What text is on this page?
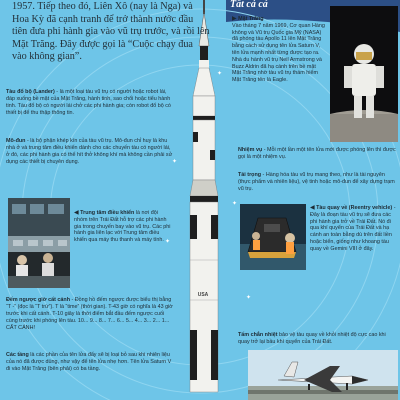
✦
✦
✦
✦
✦
USA

1957. Tiếp theo đó, Liên Xô (nay là Nga) và Hoa Kỳ đã cạnh tranh để trở thành nước đầu tiên đưa phi hành gia vào vũ trụ trước, và rồi lên Mặt Trăng. Đây được gọi là “Cuộc chạy đua vào không gian”.

Tất cả cá

Tàu đổ bộ (Lander) - là một loại tàu vũ trụ có người hoặc robot lái, đáp xuống bề mặt của Mặt Trăng, hành tinh, sao chổi hoặc tiểu hành tinh. Tàu đổ bộ có người lái chở các phi hành gia; còn robot đổ bộ có thiết bị để thu thập thông tin.

Mô-đun - là bộ phận khép kín của tàu vũ trụ. Mô-đun chỉ huy là khu nhà ở và trung tâm điều khiển dành cho các chuyến tàu có người lái, ở đó, các phi hành gia có thể hít thở không khí mà không cần phải sử dụng các thiết bị chuyên dụng.

◀ Trung tâm điều khiển là nơi đội nhóm trên Trái Đất hỗ trợ các phi hành gia trong chuyến bay vào vũ trụ. Các phi hành gia liên lạc với Trung tâm điều khiển qua máy thu thanh và máy tính.

Đếm ngược giờ cất cánh - Đồng hồ đếm ngược được biểu thị bằng “T -” (đọc là “T trừ”). T là “time” (thời gian). T-43 giờ có nghĩa là 43 giờ trước khi cất cánh. T-10 giây là thời điểm bắt đầu đếm ngược cuối cùng trước khi phóng lên tàu. 10... 9... 8... 7... 6... 5... 4... 3... 2... 1... CẤT CÁNH!

Các tầng là các phần của tên lửa đẩy sẽ bị loại bỏ sau khi nhiên liệu của nó đã được dùng, như vậy để tên lửa nhẹ hơn. Tên lửa Saturn V đi vào Mặt Trăng (bên phải) có ba tầng.

▶ Mặt Trăng
Vào tháng 7 năm 1969, Cơ quan Hàng không và Vũ trụ Quốc gia Mỹ (NASA) đã phóng tàu Apollo 11 lên Mặt Trăng bằng cách sử dụng tên lửa Saturn V, tên lửa mạnh nhất từng được tạo ra. Nhà du hành vũ trụ Neil Armstrong và Buzz Aldrin đã hạ cánh trên bề mặt Mặt Trăng nhờ tàu vũ trụ thám hiểm Mặt Trăng tên là Eagle.

Nhiệm vụ - Mỗi một lần một tên lửa mới được phóng lên thì được gọi là một nhiệm vụ.

Tải trọng - Hàng hóa tàu vũ trụ mang theo, như là tài nguyên (thực phẩm và nhiên liệu), vệ tinh hoặc mô-đun để xây dựng trạm vũ trụ.

◀ Tàu quay về (Reentry vehicle) - Đây là đoạn tàu vũ trụ sẽ đưa các phi hành gia trở về Trái Đất. Nó đi qua khí quyển của Trái Đất và hạ cánh an toàn bằng dù trên đất liền hoặc biển, giống như khoang tàu quay về Gemini VIII ở đây.

Tấm chắn nhiệt bảo vệ tàu quay về khỏi nhiệt độ cực cao khi quay trở lại bầu khí quyển của Trái Đất.
